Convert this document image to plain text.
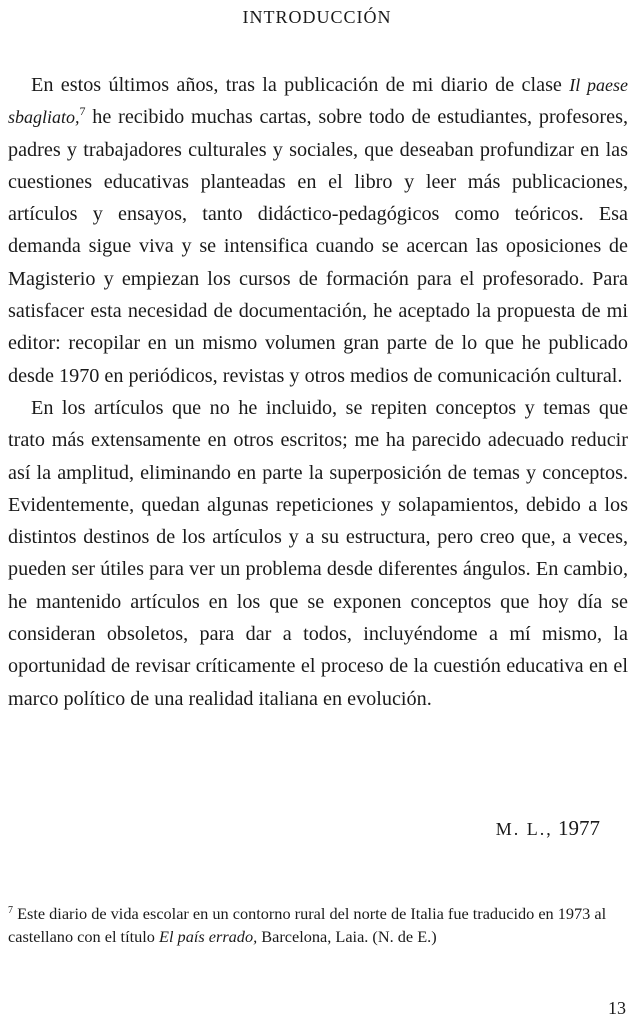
introducción

En estos últimos años, tras la publicación de mi diario de clase Il paese sbagliato,$^7$ he recibido muchas cartas, sobre todo de estudiantes, profesores, padres y trabajadores culturales y sociales, que deseaban profundizar en las cuestiones educativas planteadas en el libro y leer más publicaciones, artículos y ensayos, tanto didáctico-pedagógicos como teóricos. Esa demanda sigue viva y se intensifica cuando se acercan las oposiciones de Magisterio y empiezan los cursos de formación para el profesorado. Para satisfacer esta necesidad de documentación, he aceptado la propuesta de mi editor: recopilar en un mismo volumen gran parte de lo que he publicado desde 1970 en periódicos, revistas y otros medios de comunicación cultural.

En los artículos que no he incluido, se repiten conceptos y temas que trato más extensamente en otros escritos; me ha parecido adecuado reducir así la amplitud, eliminando en parte la superposición de temas y conceptos. Evidentemente, quedan algunas repeticiones y solapamientos, debido a los distintos destinos de los artículos y a su estructura, pero creo que, a veces, pueden ser útiles para ver un problema desde diferentes ángulos. En cambio, he mantenido artículos en los que se exponen conceptos que hoy día se consideran obsoletos, para dar a todos, incluyéndome a mí mismo, la oportunidad de revisar críticamente el proceso de la cuestión educativa en el marco político de una realidad italiana en evolución.

M. L., 1977
$^7$ Este diario de vida escolar en un contorno rural del norte de Italia fue traducido en 1973 al castellano con el título El país errado, Barcelona, Laia. (N. de E.)
13
